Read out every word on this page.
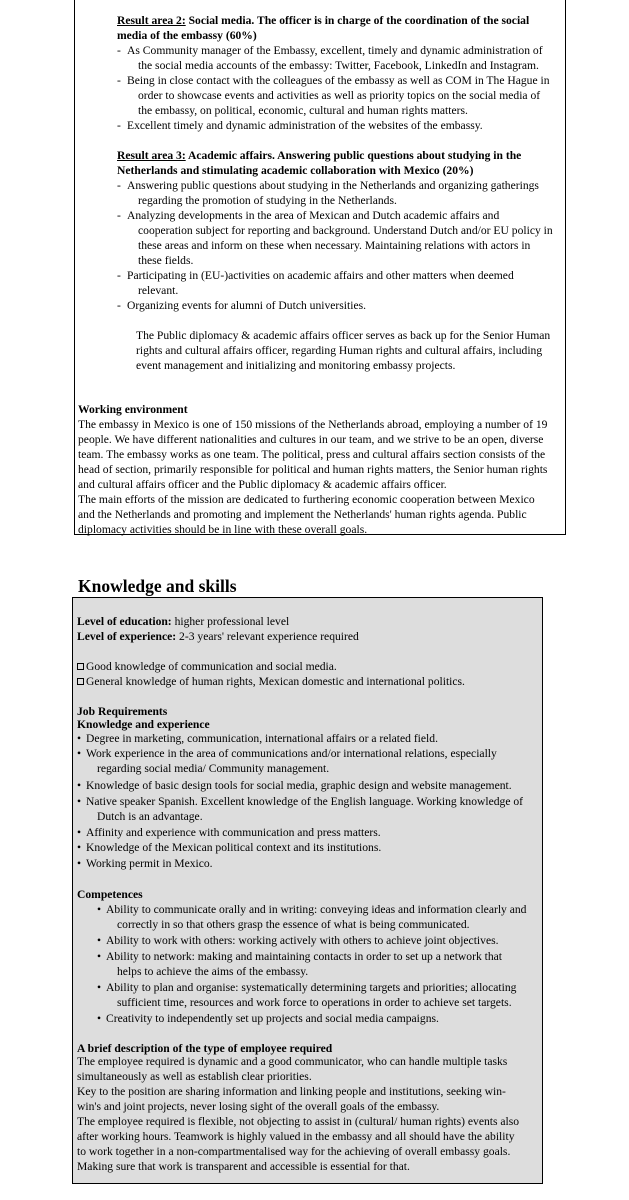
Result area 2: Social media. The officer is in charge of the coordination of the social

media of the embassy (60%)

- As Community manager of the Embassy, excellent, timely and dynamic administration of

the social media accounts of the embassy: Twitter, Facebook, LinkedIn and Instagram.

- Being in close contact with the colleagues of the embassy as well as COM in The Hague in

order to showcase events and activities as well as priority topics on the social media of

the embassy, on political, economic, cultural and human rights matters.

- Excellent timely and dynamic administration of the websites of the embassy.

Result area 3: Academic affairs. Answering public questions about studying in the

Netherlands and stimulating academic collaboration with Mexico (20%)

- Answering public questions about studying in the Netherlands and organizing gatherings

regarding the promotion of studying in the Netherlands.

- Analyzing developments in the area of Mexican and Dutch academic affairs and

cooperation subject for reporting and background. Understand Dutch and/or EU policy in

these areas and inform on these when necessary. Maintaining relations with actors in

these fields.

- Participating in (EU-)activities on academic affairs and other matters when deemed

relevant.

- Organizing events for alumni of Dutch universities.

The Public diplomacy & academic affairs officer serves as back up for the Senior Human

rights and cultural affairs officer, regarding Human rights and cultural affairs, including

event management and initializing and monitoring embassy projects.

Working environment

The embassy in Mexico is one of 150 missions of the Netherlands abroad, employing a number of 19

people. We have different nationalities and cultures in our team, and we strive to be an open, diverse

team. The embassy works as one team. The political, press and cultural affairs section consists of the

head of section, primarily responsible for political and human rights matters, the Senior human rights

and cultural affairs officer and the Public diplomacy & academic affairs officer.

The main efforts of the mission are dedicated to furthering economic cooperation between Mexico

and the Netherlands and promoting and implement the Netherlands' human rights agenda. Public

diplomacy activities should be in line with these overall goals.

Knowledge and skills

Level of education: higher professional level

Level of experience: 2-3 years' relevant experience required

Good knowledge of communication and social media.

General knowledge of human rights, Mexican domestic and international politics.

Job Requirements

Knowledge and experience

• Degree in marketing, communication, international affairs or a related field.

• Work experience in the area of communications and/or international relations, especially

regarding social media/ Community management.

• Knowledge of basic design tools for social media, graphic design and website management.

• Native speaker Spanish. Excellent knowledge of the English language. Working knowledge of

Dutch is an advantage.

• Affinity and experience with communication and press matters.

• Knowledge of the Mexican political context and its institutions.

• Working permit in Mexico.

Competences

• Ability to communicate orally and in writing: conveying ideas and information clearly and

correctly in so that others grasp the essence of what is being communicated.

• Ability to work with others: working actively with others to achieve joint objectives.

• Ability to network: making and maintaining contacts in order to set up a network that

helps to achieve the aims of the embassy.

• Ability to plan and organise: systematically determining targets and priorities; allocating

sufficient time, resources and work force to operations in order to achieve set targets.

• Creativity to independently set up projects and social media campaigns.

A brief description of the type of employee required

The employee required is dynamic and a good communicator, who can handle multiple tasks

simultaneously as well as establish clear priorities.

Key to the position are sharing information and linking people and institutions, seeking win-

win's and joint projects, never losing sight of the overall goals of the embassy.

The employee required is flexible, not objecting to assist in (cultural/ human rights) events also

after working hours. Teamwork is highly valued in the embassy and all should have the ability

to work together in a non-compartmentalised way for the achieving of overall embassy goals.

Making sure that work is transparent and accessible is essential for that.
